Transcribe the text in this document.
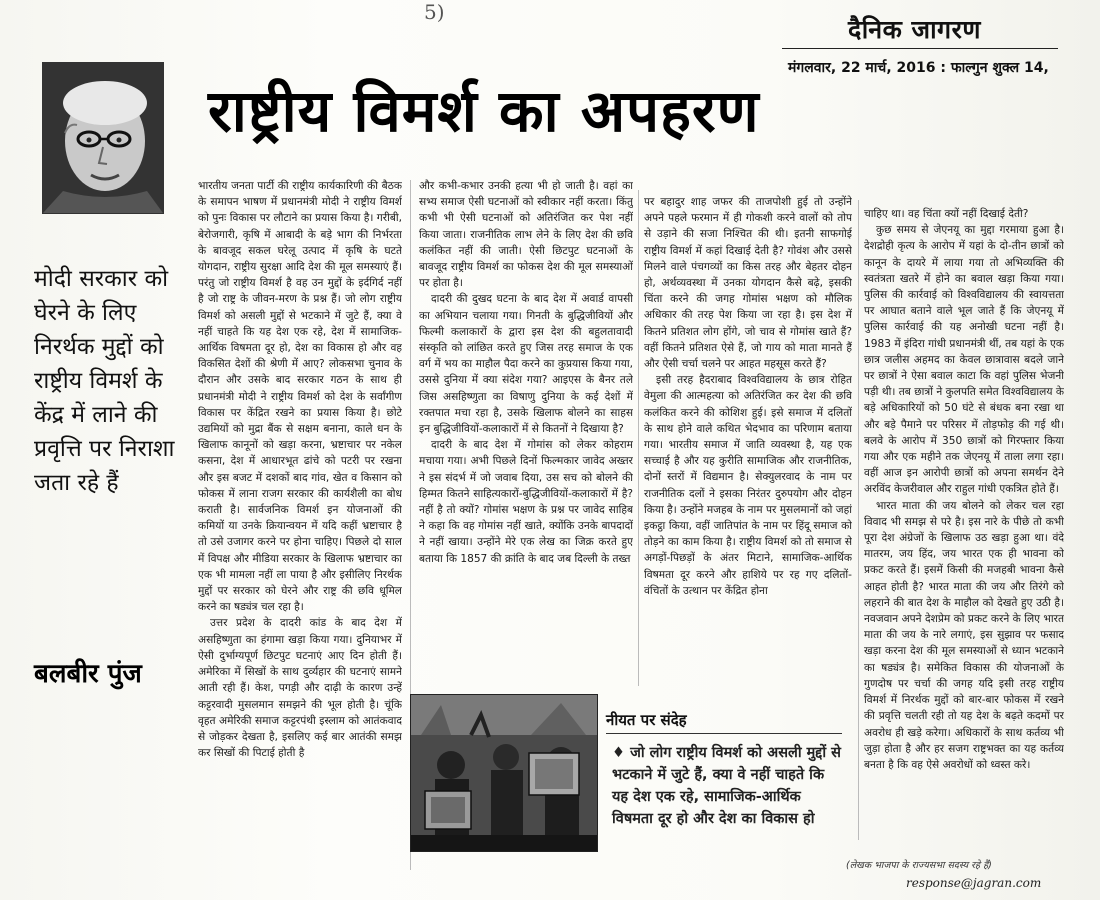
5)
दैनिक जागरण
मंगलवार, 22 मार्च, 2016 : फाल्गुन शुक्ल 14,
राष्ट्रीय विमर्श का अपहरण
मोदी सरकार को घेरने के लिए निरर्थक मुद्दों को राष्ट्रीय विमर्श के केंद्र में लाने की प्रवृत्ति पर निराशा जता रहे हैं
बलबीर पुंज

भारतीय जनता पार्टी की राष्ट्रीय कार्यकारिणी की बैठक के समापन भाषण में प्रधानमंत्री मोदी ने राष्ट्रीय विमर्श को पुनः विकास पर लौटाने का प्रयास किया है। गरीबी, बेरोजगारी, कृषि में आबादी के बड़े भाग की निर्भरता के बावजूद सकल घरेलू उत्पाद में कृषि के घटते योगदान, राष्ट्रीय सुरक्षा आदि देश की मूल समस्याएं हैं। परंतु जो राष्ट्रीय विमर्श है वह उन मुद्दों के इर्दगिर्द नहीं है जो राष्ट्र के जीवन-मरण के प्रश्न हैं। जो लोग राष्ट्रीय विमर्श को असली मुद्दों से भटकाने में जुटे हैं, क्या वे नहीं चाहते कि यह देश एक रहे, देश में सामाजिक-आर्थिक विषमता दूर हो, देश का विकास हो और वह विकसित देशों की श्रेणी में आए? लोकसभा चुनाव के दौरान और उसके बाद सरकार गठन के साथ ही प्रधानमंत्री मोदी ने राष्ट्रीय विमर्श को देश के सर्वांगीण विकास पर केंद्रित रखने का प्रयास किया है। छोटे उद्यमियों को मुद्रा बैंक से सक्षम बनाना, काले धन के खिलाफ कानूनों को खड़ा करना, भ्रष्टाचार पर नकेल कसना, देश में आधारभूत ढांचे को पटरी पर रखना और इस बजट में दशकों बाद गांव, खेत व किसान को फोकस में लाना राजग सरकार की कार्यशैली का बोध कराती है। सार्वजनिक विमर्श इन योजनाओं की कमियों या उनके क्रियान्वयन में यदि कहीं भ्रष्टाचार है तो उसे उजागर करने पर होना चाहिए। पिछले दो साल में विपक्ष और मीडिया सरकार के खिलाफ भ्रष्टाचार का एक भी मामला नहीं ला पाया है और इसीलिए निरर्थक मुद्दों पर सरकार को घेरने और राष्ट्र की छवि धूमिल करने का षड्यंत्र चल रहा है।

उत्तर प्रदेश के दादरी कांड के बाद देश में असहिष्णुता का हंगामा खड़ा किया गया। दुनियाभर में ऐसी दुर्भाग्यपूर्ण छिटपुट घटनाएं आए दिन होती हैं। अमेरिका में सिखों के साथ दुर्व्यहार की घटनाएं सामने आती रही हैं। केश, पगड़ी और दाढ़ी के कारण उन्हें कट्टरवादी मुसलमान समझने की भूल होती है। चूंकि वृहत अमेरिकी समाज कट्टरपंथी इस्लाम को आतंकवाद से जोड़कर देखता है, इसलिए कई बार आतंकी समझ कर सिखों की पिटाई होती है

और कभी-कभार उनकी हत्या भी हो जाती है। वहां का सभ्य समाज ऐसी घटनाओं को स्वीकार नहीं करता। किंतु कभी भी ऐसी घटनाओं को अतिरंजित कर पेश नहीं किया जाता। राजनीतिक लाभ लेने के लिए देश की छवि कलंकित नहीं की जाती। ऐसी छिटपुट घटनाओं के बावजूद राष्ट्रीय विमर्श का फोकस देश की मूल समस्याओं पर होता है।

दादरी की दुखद घटना के बाद देश में अवार्ड वापसी का अभियान चलाया गया। गिनती के बुद्धिजीवियों और फिल्मी कलाकारों के द्वारा इस देश की बहुलतावादी संस्कृति को लांछित करते हुए जिस तरह समाज के एक वर्ग में भय का माहौल पैदा करने का कुप्रयास किया गया, उससे दुनिया में क्या संदेश गया? आइएस के बैनर तले जिस असहिष्णुता का विषाणु दुनिया के कई देशों में रक्तपात मचा रहा है, उसके खिलाफ बोलने का साहस इन बुद्धिजीवियों-कलाकारों में से कितनों ने दिखाया है?

दादरी के बाद देश में गोमांस को लेकर कोहराम मचाया गया। अभी पिछले दिनों फिल्मकार जावेद अख्तर ने इस संदर्भ में जो जवाब दिया, उस सच को बोलने की हिम्मत कितने साहित्यकारों-बुद्धिजीवियों-कलाकारों में है? नहीं है तो क्यों? गोमांस भक्षण के प्रश्न पर जावेद साहिब ने कहा कि वह गोमांस नहीं खाते, क्योंकि उनके बापदादों ने नहीं खाया। उन्होंने मेरे एक लेख का जिक्र करते हुए बताया कि 1857 की क्रांति के बाद जब दिल्ली के तख्त

पर बहादुर शाह जफर की ताजपोशी हुई तो उन्होंने अपने पहले फरमान में ही गोकशी करने वालों को तोप से उड़ाने की सजा निश्चित की थी। इतनी साफगोई राष्ट्रीय विमर्श में कहां दिखाई देती है? गोवंश और उससे मिलने वाले पंचगव्यों का किस तरह और बेहतर दोहन हो, अर्थव्यवस्था में उनका योगदान कैसे बढ़े, इसकी चिंता करने की जगह गोमांस भक्षण को मौलिक अधिकार की तरह पेश किया जा रहा है। इस देश में कितने प्रतिशत लोग होंगे, जो चाव से गोमांस खाते हैं? वहीं कितने प्रतिशत ऐसे हैं, जो गाय को माता मानते हैं और ऐसी चर्चा चलने पर आहत महसूस करते हैं?

इसी तरह हैदराबाद विश्वविद्यालय के छात्र रोहित वेमुला की आत्महत्या को अतिरंजित कर देश की छवि कलंकित करने की कोशिश हुई। इसे समाज में दलितों के साथ होने वाले कथित भेदभाव का परिणाम बताया गया। भारतीय समाज में जाति व्यवस्था है, यह एक सच्चाई है और यह कुरीति सामाजिक और राजनीतिक, दोनों स्तरों में विद्यमान है। सेक्युलरवाद के नाम पर राजनीतिक दलों ने इसका निरंतर दुरुपयोग और दोहन किया है। उन्होंने मजहब के नाम पर मुसलमानों को जहां इकट्ठा किया, वहीं जातिपांत के नाम पर हिंदू समाज को तोड़ने का काम किया है। राष्ट्रीय विमर्श को तो समाज से अगड़ों-पिछड़ों के अंतर मिटाने, सामाजिक-आर्थिक विषमता दूर करने और हाशिये पर रह गए दलितों-वंचितों के उत्थान पर केंद्रित होना

चाहिए था। वह चिंता क्यों नहीं दिखाई देती?

कुछ समय से जेएनयू का मुद्दा गरमाया हुआ है। देशद्रोही कृत्य के आरोप में यहां के दो-तीन छात्रों को कानून के दायरे में लाया गया तो अभिव्यक्ति की स्वतंत्रता खतरे में होने का बवाल खड़ा किया गया। पुलिस की कार्रवाई को विश्वविद्यालय की स्वायत्तता पर आघात बताने वाले भूल जाते हैं कि जेएनयू में पुलिस कार्रवाई की यह अनोखी घटना नहीं है। 1983 में इंदिरा गांधी प्रधानमंत्री थीं, तब यहां के एक छात्र जलीस अहमद का केवल छात्रावास बदले जाने पर छात्रों ने ऐसा बवाल काटा कि वहां पुलिस भेजनी पड़ी थी। तब छात्रों ने कुलपति समेत विश्वविद्यालय के बड़े अधिकारियों को 50 घंटे से बंधक बना रखा था और बड़े पैमाने पर परिसर में तोड़फोड़ की गई थी। बलवे के आरोप में 350 छात्रों को गिरफ्तार किया गया और एक महीने तक जेएनयू में ताला लगा रहा। वहीं आज इन आरोपी छात्रों को अपना समर्थन देने अरविंद केजरीवाल और राहुल गांधी एकत्रित होते हैं।

भारत माता की जय बोलने को लेकर चल रहा विवाद भी समझ से परे है। इस नारे के पीछे तो कभी पूरा देश अंग्रेजों के खिलाफ उठ खड़ा हुआ था। वंदे मातरम, जय हिंद, जय भारत एक ही भावना को प्रकट करते हैं। इसमें किसी की मजहबी भावना कैसे आहत होती है? भारत माता की जय और तिरंगे को लहराने की बात देश के माहौल को देखते हुए उठी है। नवजवान अपने देशप्रेम को प्रकट करने के लिए भारत माता की जय के नारे लगाएं, इस सुझाव पर फसाद खड़ा करना देश की मूल समस्याओं से ध्यान भटकाने का षड्यंत्र है। समेकित विकास की योजनाओं के गुणदोष पर चर्चा की जगह यदि इसी तरह राष्ट्रीय विमर्श में निरर्थक मुद्दों को बार-बार फोकस में रखने की प्रवृत्ति चलती रही तो यह देश के बढ़ते कदमों पर अवरोध ही खड़े करेगा। अधिकारों के साथ कर्तव्य भी जुड़ा होता है और हर सजग राष्ट्रभक्त का यह कर्तव्य बनता है कि वह ऐसे अवरोधों को ध्वस्त करे।

नीयत पर संदेह
♦ जो लोग राष्ट्रीय विमर्श को असली मुद्दों से भटकाने में जुटे हैं, क्या वे नहीं चाहते कि यह देश एक रहे, सामाजिक-आर्थिक विषमता दूर हो और देश का विकास हो
(लेखक भाजपा के राज्यसभा सदस्य रहे हैं)
response@jagran.com
